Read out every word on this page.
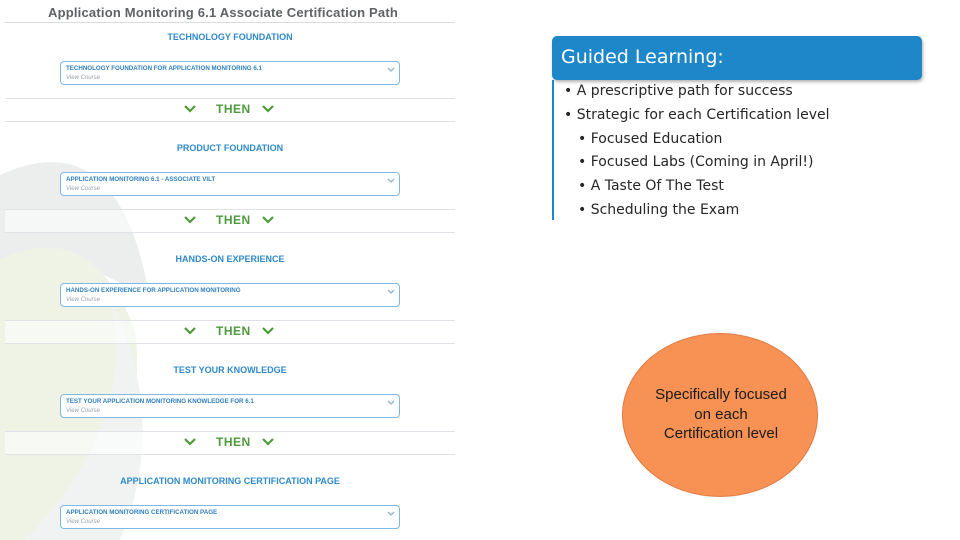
Application Monitoring 6.1 Associate Certification Path
TECHNOLOGY FOUNDATION
TECHNOLOGY FOUNDATION FOR APPLICATION MONITORING 6.1
View Course
THEN
PRODUCT FOUNDATION
APPLICATION MONITORING 6.1 - ASSOCIATE VILT
View Course
THEN
HANDS-ON EXPERIENCE
HANDS-ON EXPERIENCE FOR APPLICATION MONITORING
View Course
THEN
TEST YOUR KNOWLEDGE
TEST YOUR APPLICATION MONITORING KNOWLEDGE FOR 6.1
View Course
THEN
APPLICATION MONITORING CERTIFICATION PAGE
APPLICATION MONITORING CERTIFICATION PAGE
View Course
Guided Learning:
• A prescriptive path for success
• Strategic for each Certification level
• Focused Education
• Focused Labs (Coming in April!)
• A Taste Of The Test
• Scheduling the Exam
Specifically focused
on each
Certification level
